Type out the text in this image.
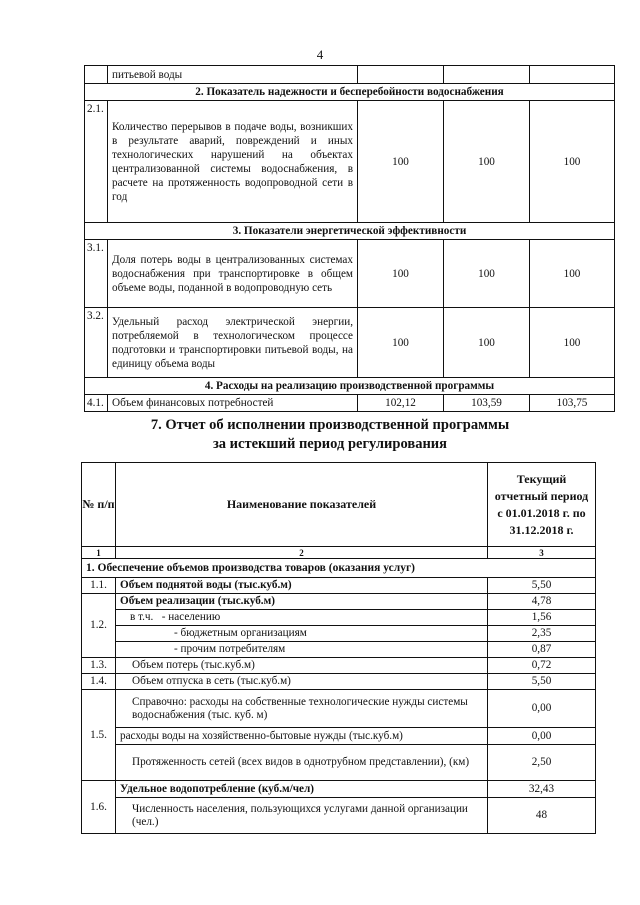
4
	питьевой воды			
2. Показатель надежности и бесперебойности водоснабжения				
2.1.	Количество перерывов в подаче воды, возникших в результате аварий, повреждений и иных технологических нарушений на объектах централизованной системы водоснабжения, в расчете на протяженность водопроводной сети в год	100	100	100
3. Показатели энергетической эффективности				
3.1.	Доля потерь воды в централизованных системах водоснабжения при транспортировке в общем объеме воды, поданной в водопроводную сеть	100	100	100
3.2.	Удельный расход электрической энергии, потребляемой в технологическом процессе подготовки и транспортировки питьевой воды, на единицу объема воды	100	100	100
4. Расходы на реализацию производственной программы				
4.1.	Объем финансовых потребностей	102,12	103,59	103,75
7. Отчет об исполнении производственной программы
за истекший период регулирования
№ п/п	Наименование показателей	Текущий отчетный период с 01.01.2018 г. по 31.12.2018 г.
1	2	3
1. Обеспечение объемов производства товаров (оказания услуг)		
1.1.	Объем поднятой воды (тыс.куб.м)	5,50
1.2.	Объем реализации (тыс.куб.м)	4,78
	в т.ч. - населению	1,56
	- бюджетным организациям	2,35
	- прочим потребителям	0,87
1.3.	Объем потерь (тыс.куб.м)	0,72
1.4.	Объем отпуска в сеть (тыс.куб.м)	5,50
1.5.	Справочно: расходы на собственные технологические нужды системы водоснабжения (тыс. куб. м)	0,00
	расходы воды на хозяйственно-бытовые нужды (тыс.куб.м)	0,00
	Протяженность сетей (всех видов в однотрубном представлении), (км)	2,50
1.6.	Удельное водопотребление (куб.м/чел)	32,43
	Численность населения, пользующихся услугами данной организации (чел.)	48
